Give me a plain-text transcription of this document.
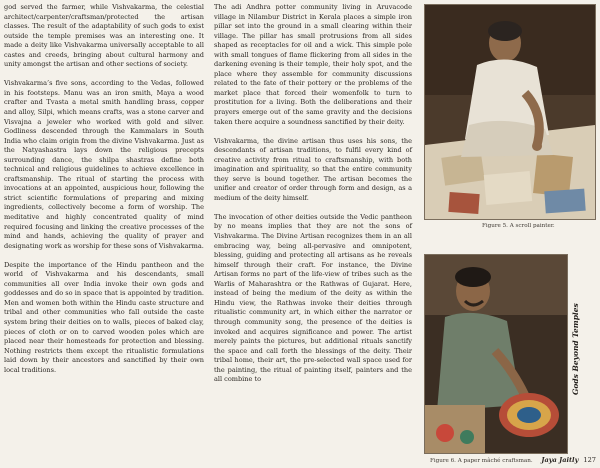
god served the farmer, while Vishvakarma, the celestial architect/carpenter/craftsman/protected the artisan classes. The result of the adaptability of such gods to exist outside the temple premises was an interesting one. It made a deity like Vishvakarma universally acceptable to all castes and creeds, bringing about cultural harmony and unity amongst the artisan and other sections of society.

Vishvakarma’s five sons, according to the Vedas, followed in his footsteps. Manu was an iron smith, Maya a wood crafter and Tvasta a metal smith handling brass, copper and alloy, Silpi, which means crafts, was a stone carver and Visvajna a jeweler who worked with gold and silver. Godliness descended through the Kammalars in South India who claim origin from the divine Vishvakarma. Just as the Natyashastra lays down the religious precepts surrounding dance, the shilpa shastras define both technical and religious guidelines to achieve excellence in craftsmanship. The ritual of starting the process with invocations at an appointed, auspicious hour, following the strict scientific formulations of preparing and mixing ingredients, collectively become a form of worship. The meditative and highly concentrated quality of mind required focusing and linking the creative processes of the mind and hands, achieving the quality of prayer and designating work as worship for these sons of Vishvakarma.

Despite the importance of the Hindu pantheon and the world of Vishvakarma and his descendants, small communities all over India invoke their own gods and goddesses and do so in space that is appointed by tradition. Men and women both within the Hindu caste structure and tribal and other communities who fall outside the caste system bring their deities on to walls, pieces of baked clay, pieces of cloth or on to carved wooden poles which are placed near their homesteads for protection and blessing. Nothing restricts them except the ritualistic formulations laid down by their ancestors and sanctified by their own local traditions.

The adi Andhra potter community living in Aruvacode village in Nilambur District in Kerala places a simple iron pillar set into the ground in a small clearing within their village. The pillar has small protrusions from all sides shaped as receptacles for oil and a wick. This simple pole with small tongues of flame flickering from all sides in the darkening evening is their temple, their holy spot, and the place where they assemble for community discussions related to the fate of their pottery or the problems of the market place that forced their womenfolk to turn to prostitution for a living. Both the deliberations and their prayers emerge out of the same gravity and the decisions taken there acquire a soundness sanctified by their deity.

Vishvakarma, the divine artisan thus uses his sons, the descendants of artisan traditions, to fulfil every kind of creative activity from ritual to craftsmanship, with both imagination and spirituality, so that the entire community they serve is bound together. The artisan becomes the unifier and creator of order through form and design, as a medium of the deity himself.

The invocation of other deities outside the Vedic pantheon by no means implies that they are not the sons of Vishvakarma. The Divine Artisan recognizes them in an all embracing way, being all-pervasive and omnipotent, blessing, guiding and protecting all artisans as he reveals himself through their craft. For instance, the Divine Artisan forms no part of the life-view of tribes such as the Warlis of Maharashtra or the Rathwas of Gujarat. Here, instead of being the medium of the deity as within the Hindu view, the Rathwas invoke their deities through ritualistic community art, in which either the narrator or through community song, the presence of the deities is invoked and acquires significance and power. The artist merely paints the pictures, but additional rituals sanctify the space and call forth the blessings of the deity. Their tribal home, their art, the pre-selected wall space used for the painting, the ritual of painting itself, painters and the all combine to

Figure 5. A scroll painter.
Figure 6. A paper mâché craftsman.
Gods Beyond Temples
Jaya Jaitly 127
